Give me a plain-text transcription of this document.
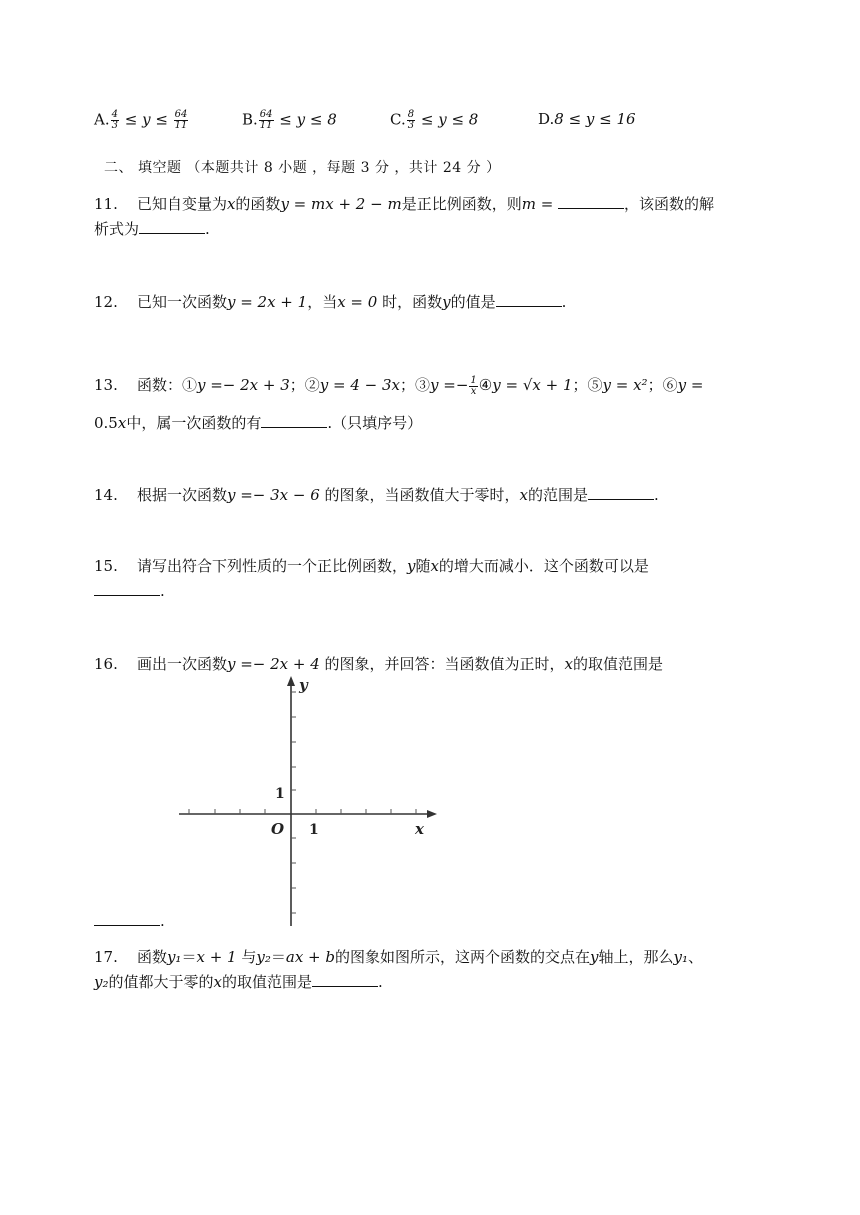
A. $\frac{4}{3} \le y \le \frac{64}{11}$	B. $\frac{64}{11} \le y \le 8$	C. $\frac{8}{3} \le y \le 8$	D.8 ≤ y ≤ 16
二、 填空题 （本题共计 8 小题 ，每题 3 分 ，共计 24 分 ）
11. 已知自变量为x的函数y = mx + 2 − m是正比例函数，则m =	，该函数的解
析式为	.
12. 已知一次函数y = 2x + 1，当x = 0 时，函数y的值是	.
13. 函数：①y =− 2x + 3；②y = 4 − 3x；③y =− $\frac{1}{x}$ ④y = √x + 1；⑤y = x²；⑥y =
0.5x中，属一次函数的有	.（只填序号）
14. 根据一次函数y =− 3x − 6 的图象，当函数值大于零时，x的范围是	.
15. 请写出符合下列性质的一个正比例函数，y随x的增大而减小．这个函数可以是
.
16. 画出一次函数y =− 2x + 4 的图象，并回答：当函数值为正时，x的取值范围是
y
x
O 1
1
.
17. 函数y₁＝x + 1 与y₂＝ax + b的图象如图所示，这两个函数的交点在y轴上，那么y₁、
y₂的值都大于零的x的取值范围是	.
